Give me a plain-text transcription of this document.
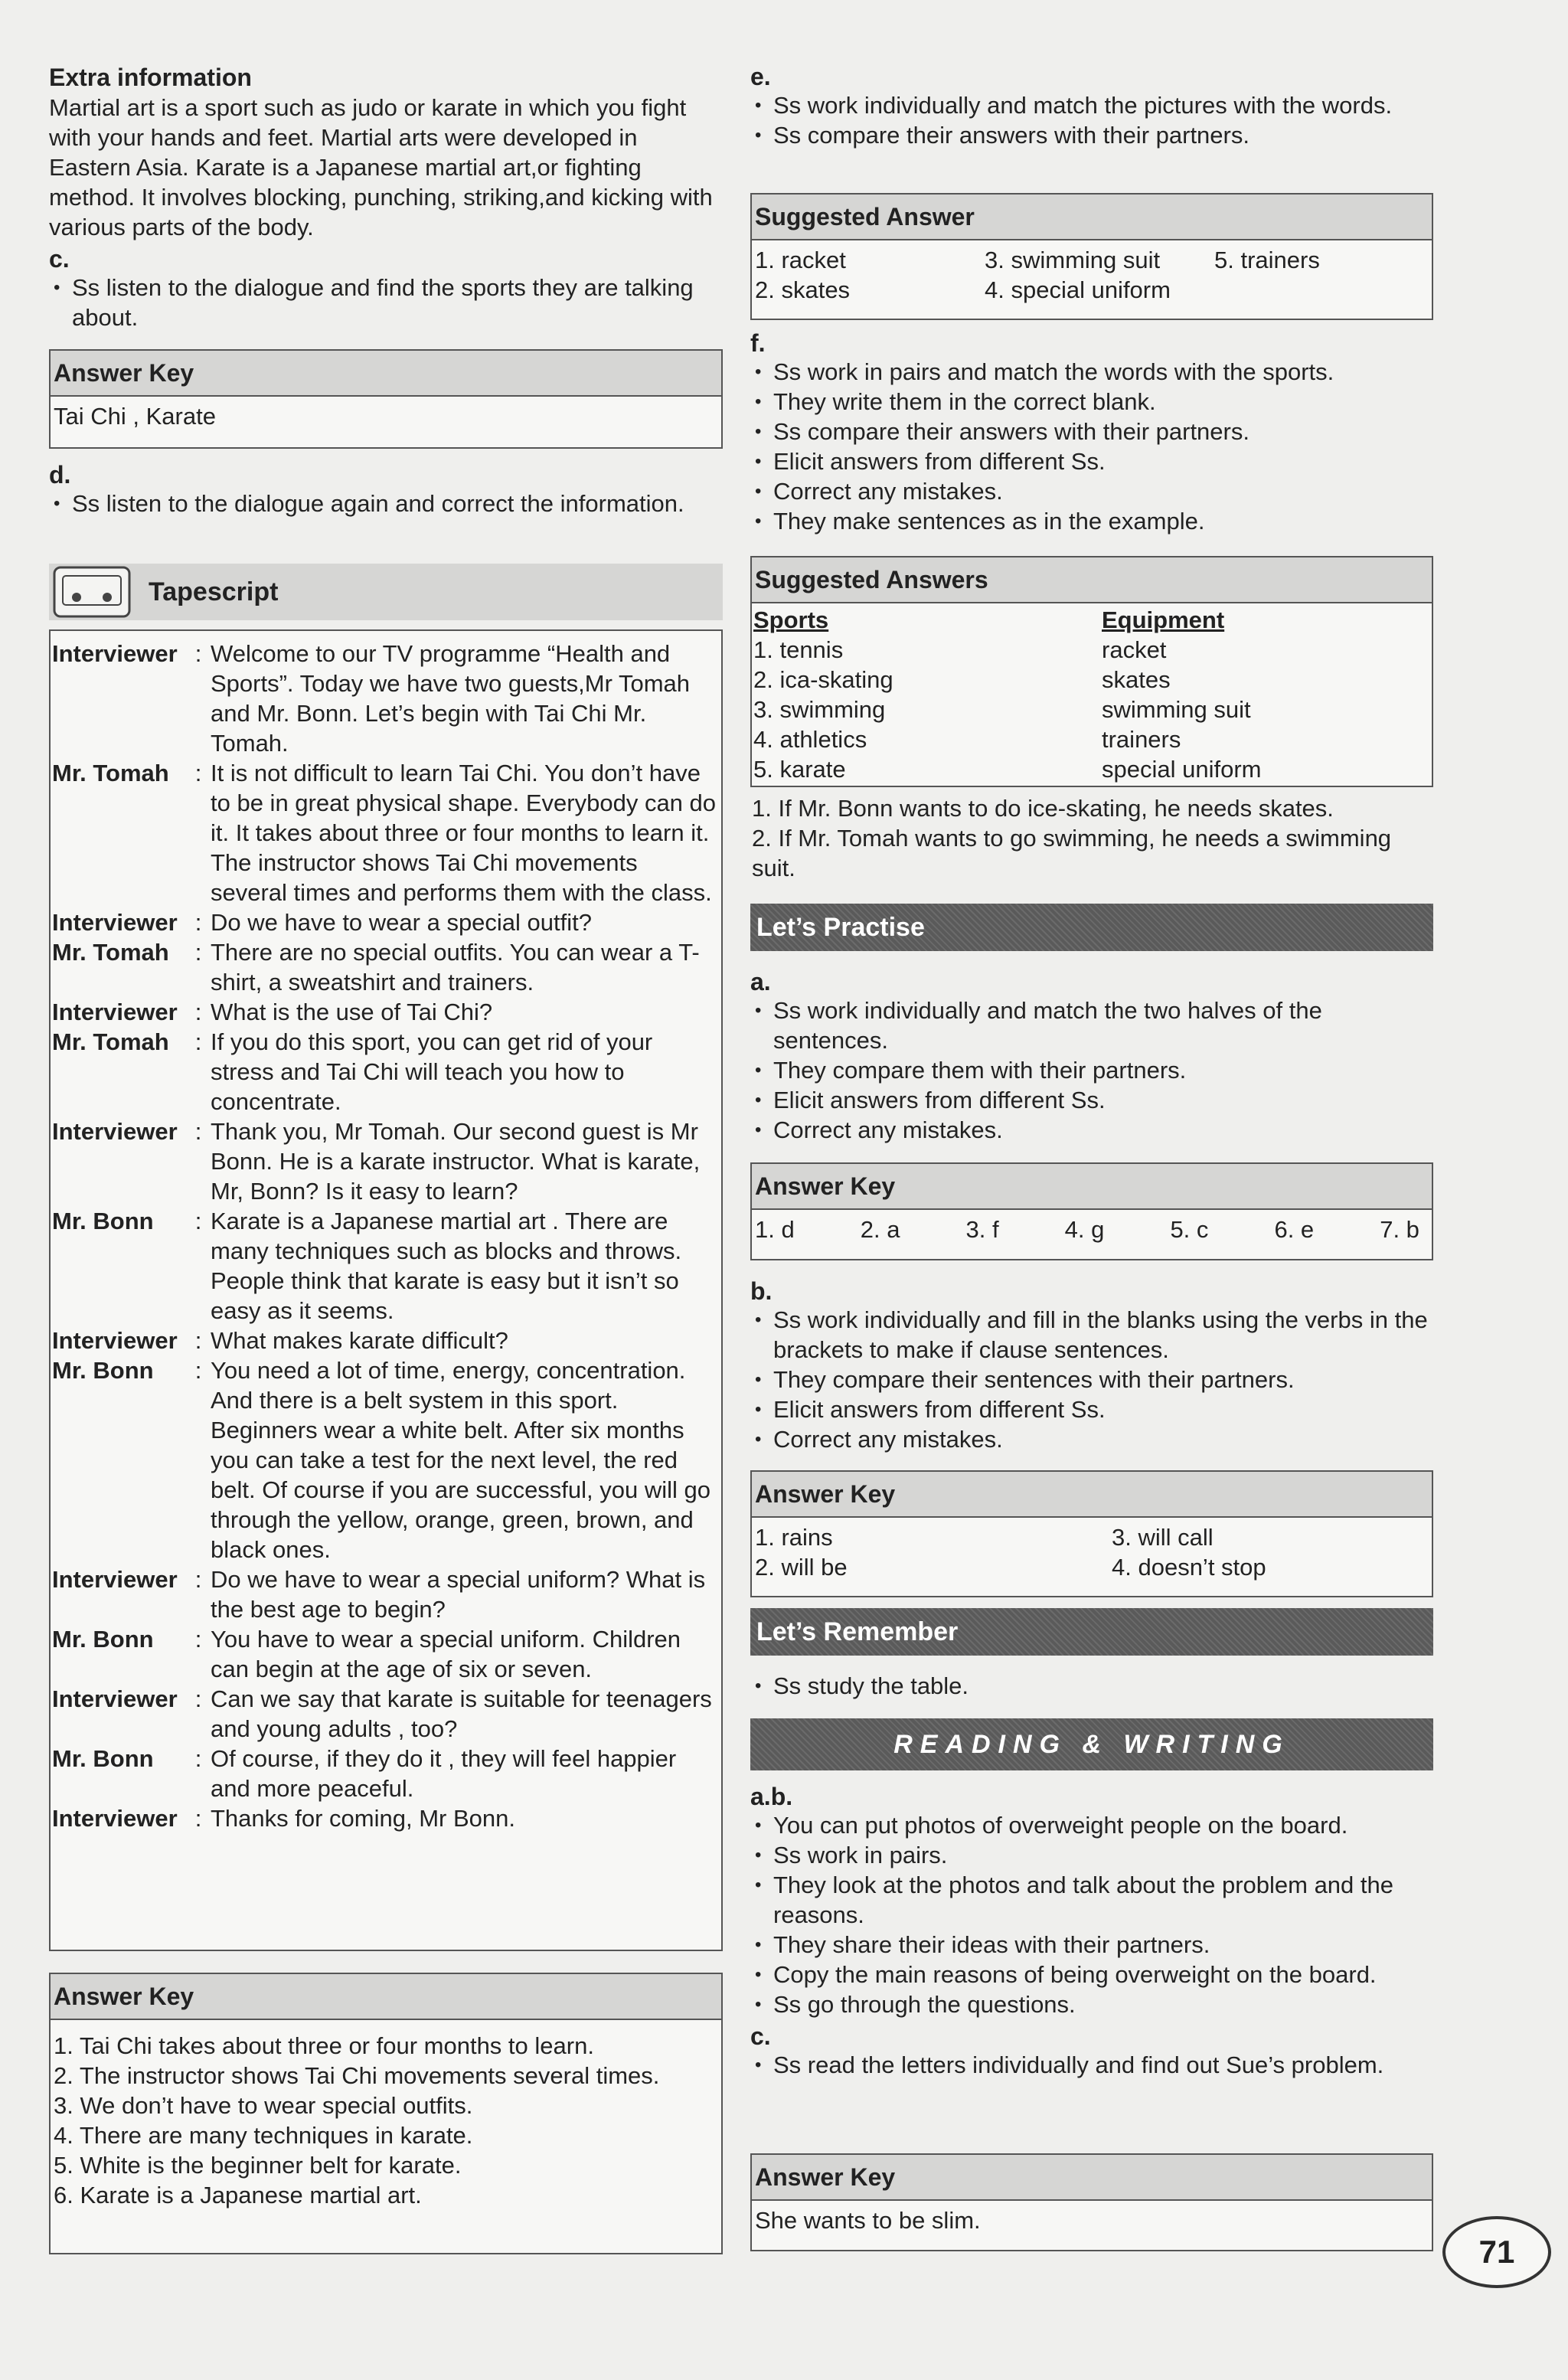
Extra information

Martial art is a sport such as judo or karate in which you fight with your hands and feet. Martial arts were developed in Eastern Asia. Karate is a Japanese martial art,or fighting method. It involves blocking, punching, striking,and kicking with various parts of the body.

c.

• Ss listen to the dialogue and find the sports they are talking about.
Answer Key
Tai Chi , Karate

d.

• Ss listen to the dialogue again and correct the information.
Tapescript
Interviewer	:	Welcome to our TV programme “Health and Sports”. Today we have two guests,Mr Tomah and Mr. Bonn. Let’s begin with Tai Chi Mr. Tomah.
Mr. Tomah	:	It is not difficult to learn Tai Chi. You don’t have to be in great physical shape. Everybody can do it. It takes about three or four months to learn it. The instructor shows Tai Chi movements several times and performs them with the class.
Interviewer	:	Do we have to wear a special outfit?
Mr. Tomah	:	There are no special outfits. You can wear a T-shirt, a sweatshirt and trainers.
Interviewer	:	What is the use of Tai Chi?
Mr. Tomah	:	If you do this sport, you can get rid of your stress and Tai Chi will teach you how to concentrate.
Interviewer	:	Thank you, Mr Tomah. Our second guest is Mr Bonn. He is a karate instructor. What is karate, Mr, Bonn? Is it easy to learn?
Mr. Bonn	:	Karate is a Japanese martial art . There are many techniques such as blocks and throws. People think that karate is easy but it isn’t so easy as it seems.
Interviewer	:	What makes karate difficult?
Mr. Bonn	:	You need a lot of time, energy, concentration. And there is a belt system in this sport. Beginners wear a white belt. After six months you can take a test for the next level, the red belt. Of course if you are successful, you will go through the yellow, orange, green, brown, and black ones.
Interviewer	:	Do we have to wear a special uniform? What is the best age to begin?
Mr. Bonn	:	You have to wear a special uniform. Children can begin at the age of six or seven.
Interviewer	:	Can we say that karate is suitable for teenagers and young adults , too?
Mr. Bonn	:	Of course, if they do it , they will feel happier and more peaceful.
Interviewer	:	Thanks for coming, Mr Bonn.
Answer Key
1. Tai Chi takes about three or four months to learn.
2. The instructor shows Tai Chi movements several times.
3. We don’t have to wear special outfits.
4. There are many techniques in karate.
5. White is the beginner belt for karate.
6. Karate is a Japanese martial art.

e.

• Ss work individually and match the pictures with the words.
• Ss compare their answers with their partners.
Suggested Answer
1. racket	3. swimming suit	5. trainers
2. skates	4. special uniform	

f.

• Ss work in pairs and match the words with the sports.
• They write them in the correct blank.
• Ss compare their answers with their partners.
• Elicit answers from different Ss.
• Correct any mistakes.
• They make sentences as in the example.
Suggested Answers
Sports	Equipment
1. tennis	racket
2. ica-skating	skates
3. swimming	swimming suit
4. athletics	trainers
5. karate	special uniform
1. If Mr. Bonn wants to do ice-skating, he needs skates.
2. If Mr. Tomah wants to go swimming, he needs a swimming suit.
Let’s Practise

a.

• Ss work individually and match the two halves of the sentences.
• They compare them with their partners.
• Elicit answers from different Ss.
• Correct any mistakes.
Answer Key
1. d	2. a	3. f	4. g	5. c	6. e	7. b

b.

• Ss work individually and fill in the blanks using the verbs in the brackets to make if clause sentences.
• They compare their sentences with their partners.
• Elicit answers from different Ss.
• Correct any mistakes.
Answer Key
1. rains	3. will call
2. will be	4. doesn’t stop
Let’s Remember
• Ss study the table.
READING & WRITING

a.b.

• You can put photos of overweight people on the board.
• Ss work in pairs.
• They look at the photos and talk about the problem and the reasons.
• They share their ideas with their partners.
• Copy the main reasons of being overweight on the board.
• Ss go through the questions.

c.

• Ss read the letters individually and find out Sue’s problem.
Answer Key
She wants to be slim.
71
